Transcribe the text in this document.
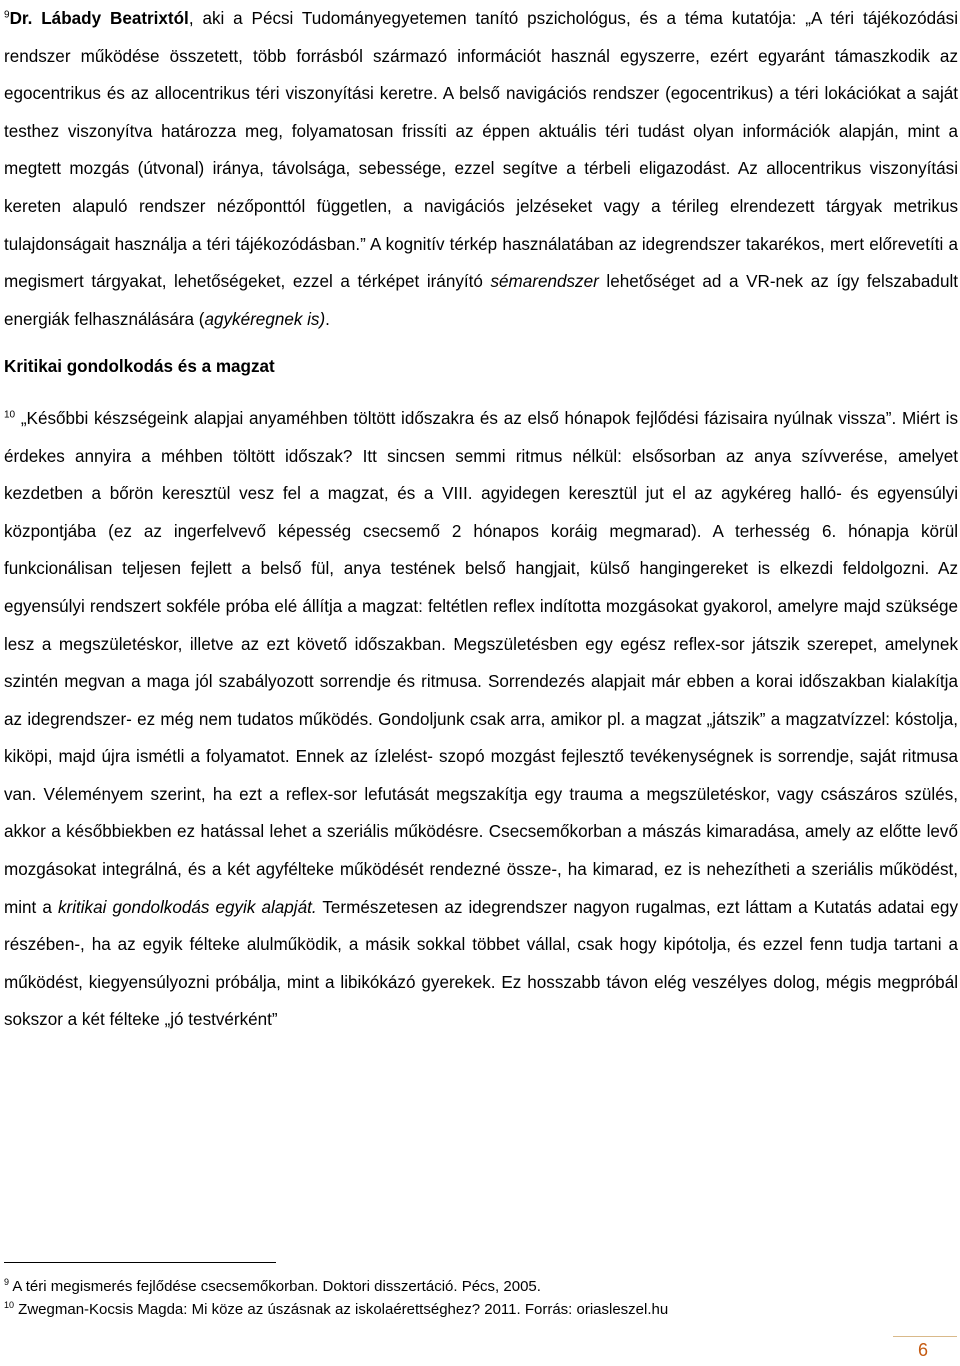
$^9$Dr. Lábady Beatrixtól, aki a Pécsi Tudományegyetemen tanító pszichológus, és a téma kutatója: „A téri tájékozódási rendszer működése összetett, több forrásból származó információt használ egyszerre, ezért egyaránt támaszkodik az egocentrikus és az allocentrikus téri viszonyítási keretre. A belső navigációs rendszer (egocentrikus) a téri lokációkat a saját testhez viszonyítva határozza meg, folyamatosan frissíti az éppen aktuális téri tudást olyan információk alapján, mint a megtett mozgás (útvonal) iránya, távolsága, sebessége, ezzel segítve a térbeli eligazodást. Az allocentrikus viszonyítási kereten alapuló rendszer nézőponttól független, a navigációs jelzéseket vagy a térileg elrendezett tárgyak metrikus tulajdonságait használja a téri tájékozódásban.” A kognitív térkép használatában az idegrendszer takarékos, mert előrevetíti a megismert tárgyakat, lehetőségeket, ezzel a térképet irányító sémarendszer lehetőséget ad a VR-nek az így felszabadult energiák felhasználására (agykéregnek is).

Kritikai gondolkodás és a magzat

$^{10}$ „Későbbi készségeink alapjai anyaméhben töltött időszakra és az első hónapok fejlődési fázisaira nyúlnak vissza”. Miért is érdekes annyira a méhben töltött időszak? Itt sincsen semmi ritmus nélkül: elsősorban az anya szívverése, amelyet kezdetben a bőrön keresztül vesz fel a magzat, és a VIII. agyidegen keresztül jut el az agykéreg halló- és egyensúlyi központjába (ez az ingerfelvevő képesség csecsemő 2 hónapos koráig megmarad). A terhesség 6. hónapja körül funkcionálisan teljesen fejlett a belső fül, anya testének belső hangjait, külső hangingereket is elkezdi feldolgozni. Az egyensúlyi rendszert sokféle próba elé állítja a magzat: feltétlen reflex indította mozgásokat gyakorol, amelyre majd szüksége lesz a megszületéskor, illetve az ezt követő időszakban. Megszületésben egy egész reflex-sor játszik szerepet, amelynek szintén megvan a maga jól szabályozott sorrendje és ritmusa. Sorrendezés alapjait már ebben a korai időszakban kialakítja az idegrendszer- ez még nem tudatos működés. Gondoljunk csak arra, amikor pl. a magzat „játszik” a magzatvízzel: kóstolja, kiköpi, majd újra ismétli a folyamatot. Ennek az ízlelést- szopó mozgást fejlesztő tevékenységnek is sorrendje, saját ritmusa van. Véleményem szerint, ha ezt a reflex-sor lefutását megszakítja egy trauma a megszületéskor, vagy császáros szülés, akkor a későbbiekben ez hatással lehet a szeriális működésre. Csecsemőkorban a mászás kimaradása, amely az előtte levő mozgásokat integrálná, és a két agyfélteke működését rendezné össze-, ha kimarad, ez is nehezítheti a szeriális működést, mint a kritikai gondolkodás egyik alapját. Természetesen az idegrendszer nagyon rugalmas, ezt láttam a Kutatás adatai egy részében-, ha az egyik félteke alulműködik, a másik sokkal többet vállal, csak hogy kipótolja, és ezzel fenn tudja tartani a működést, kiegyensúlyozni próbálja, mint a libikókázó gyerekek. Ez hosszabb távon elég veszélyes dolog, mégis megpróbál sokszor a két félteke „jó testvérként”

$^9$ A téri megismerés fejlődése csecsemőkorban. Doktori disszertáció. Pécs, 2005.
$^{10}$ Zwegman-Kocsis Magda: Mi köze az úszásnak az iskolaérettséghez? 2011. Forrás: oriasleszel.hu
6
